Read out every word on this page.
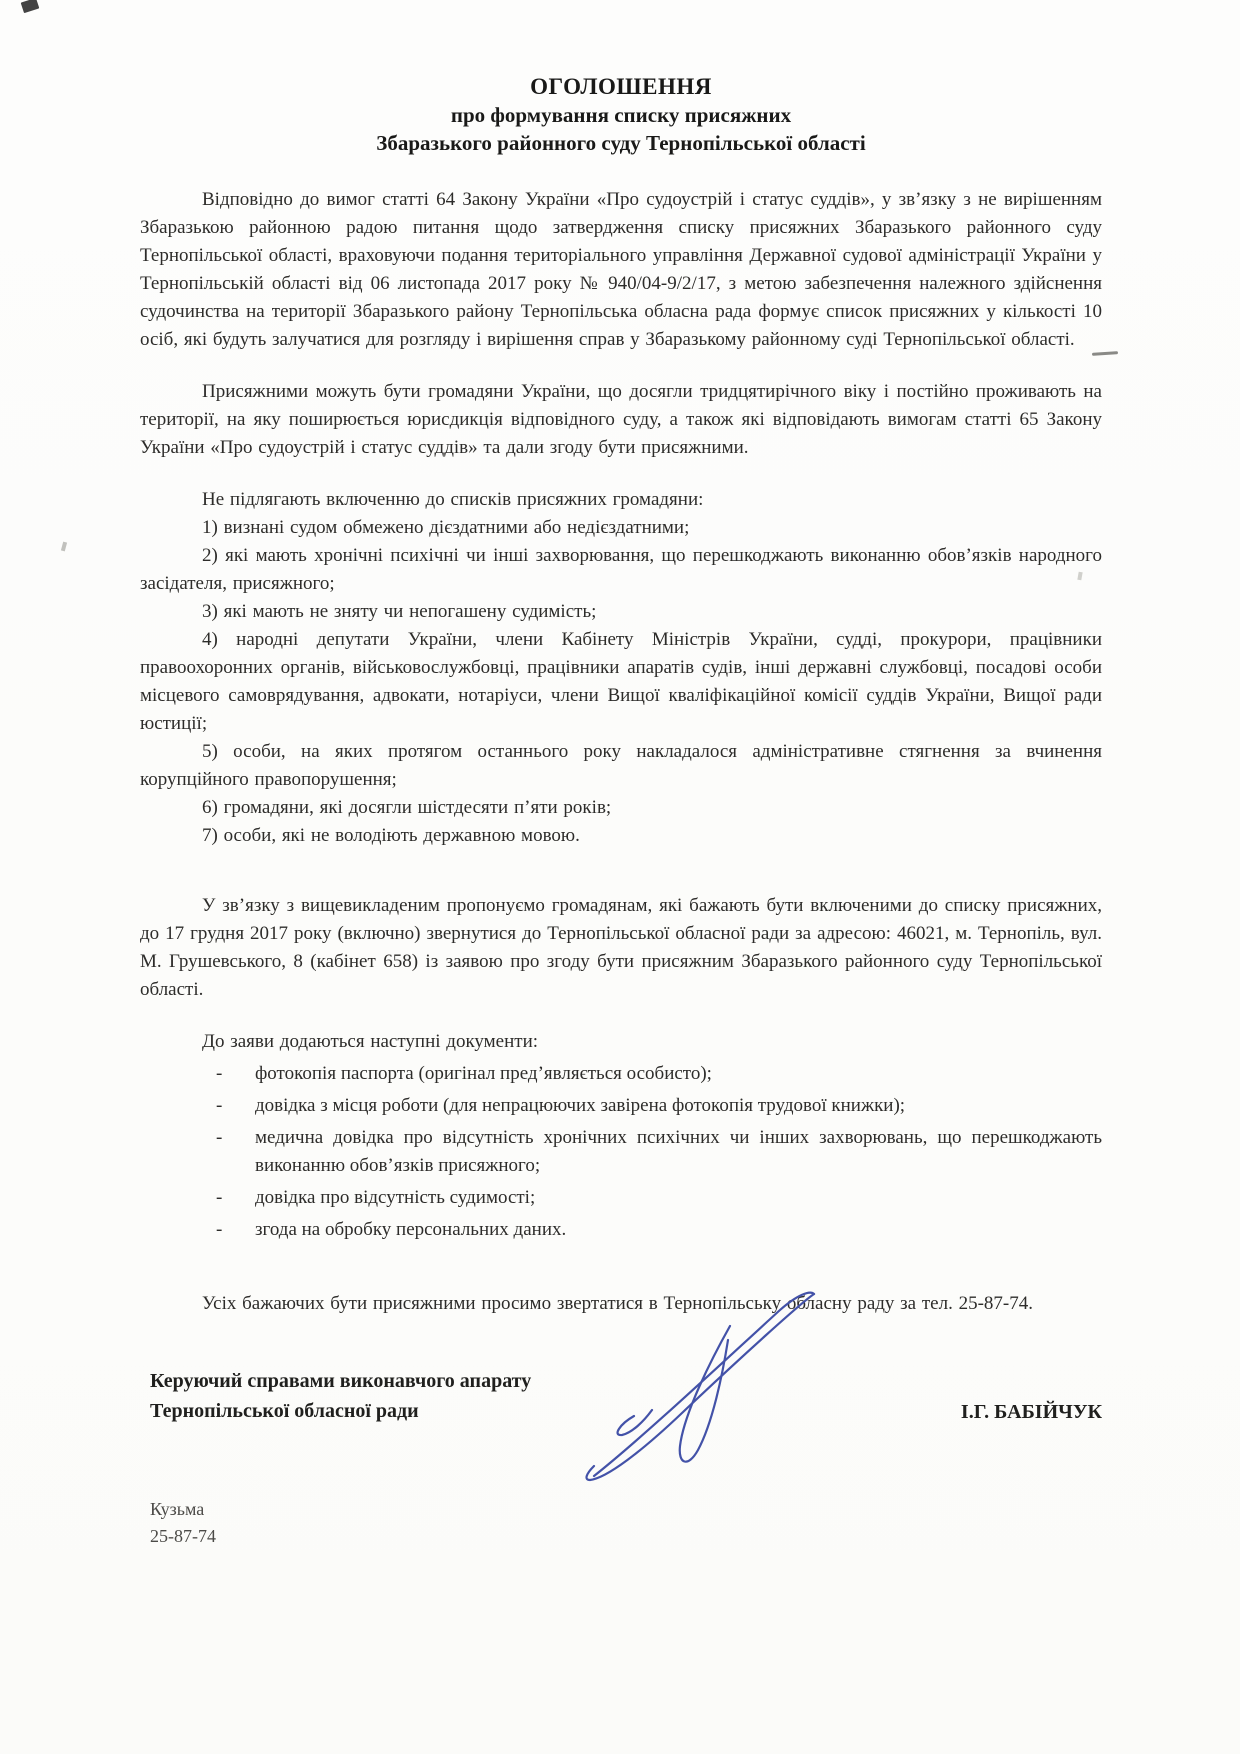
ОГОЛОШЕННЯ
про формування списку присяжних
Збаразького районного суду Тернопільської області

Відповідно до вимог статті 64 Закону України «Про судоустрій і статус суддів», у зв’язку з не вирішенням Збаразькою районною радою питання щодо затвердження списку присяжних Збаразького районного суду Тернопільської області, враховуючи подання територіального управління Державної судової адміністрації України у Тернопільській області від 06 листопада 2017 року № 940/04-9/2/17, з метою забезпечення належного здійснення судочинства на території Збаразького району Тернопільська обласна рада формує список присяжних у кількості 10 осіб, які будуть залучатися для розгляду і вирішення справ у Збаразькому районному суді Тернопільської області.

Присяжними можуть бути громадяни України, що досягли тридцятирічного віку і постійно проживають на території, на яку поширюється юрисдикція відповідного суду, а також які відповідають вимогам статті 65 Закону України «Про судоустрій і статус суддів» та дали згоду бути присяжними.

Не підлягають включенню до списків присяжних громадяни:

1) визнані судом обмежено дієздатними або недієздатними;

2) які мають хронічні психічні чи інші захворювання, що перешкоджають виконанню обов’язків народного засідателя, присяжного;

3) які мають не зняту чи непогашену судимість;

4) народні депутати України, члени Кабінету Міністрів України, судді, прокурори, працівники правоохоронних органів, військовослужбовці, працівники апаратів судів, інші державні службовці, посадові особи місцевого самоврядування, адвокати, нотаріуси, члени Вищої кваліфікаційної комісії суддів України, Вищої ради юстиції;

5) особи, на яких протягом останнього року накладалося адміністративне стягнення за вчинення корупційного правопорушення;

6) громадяни, які досягли шістдесяти п’яти років;

7) особи, які не володіють державною мовою.

У зв’язку з вищевикладеним пропонуємо громадянам, які бажають бути включеними до списку присяжних, до 17 грудня 2017 року (включно) звернутися до Тернопільської обласної ради за адресою: 46021, м. Тернопіль, вул. М. Грушевського, 8 (кабінет 658) із заявою про згоду бути присяжним Збаразького районного суду Тернопільської області.

До заяви додаються наступні документи:

- фотокопія паспорта (оригінал пред’являється особисто);

- довідка з місця роботи (для непрацюючих завірена фотокопія трудової книжки);

- медична довідка про відсутність хронічних психічних чи інших захворювань, що перешкоджають виконанню обов’язків присяжного;

- довідка про відсутність судимості;

- згода на обробку персональних даних.

Усіх бажаючих бути присяжними просимо звертатися в Тернопільську обласну раду за тел. 25-87-74.

Керуючий справами виконавчого апарату
Тернопільської обласної ради	І.Г. БАБІЙЧУК
Кузьма
25-87-74
